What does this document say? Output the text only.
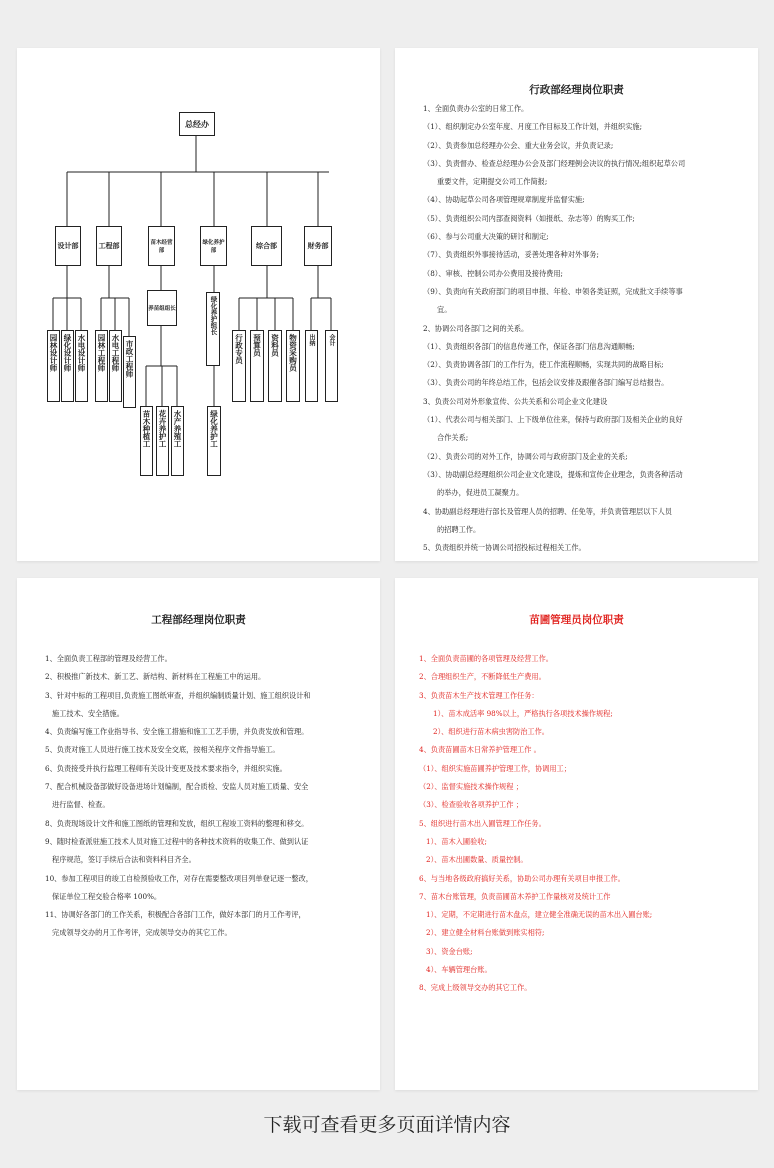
总经办
设计部	工程部	苗木经营部
绿化养护部
综合部	财务部
养苗组组长	绿化养护组长
园林设计师 绿化设计师 水电设计师 园林工程师 水电工程师 市政工程师
苗木种植工 花卉养护工 水产养殖工	绿化养护工
行政专员	预算员	资料员	物资采购员	出纳	会计
行政部经理岗位职责
1、全面负责办公室的日常工作。
（1）、组织制定办公室年度、月度工作目标及工作计划，并组织实施;
（2）、负责参加总经理办公会、重大业务会议，并负责记录;
（3）、负责督办、检查总经理办公会及部门经理例会决议的执行情况;组织起草公司
重要文件，定期提交公司工作简报;
（4）、协助起草公司各项管理规章制度并监督实施;
（5）、负责组织公司内部查阅资料（如报纸、杂志等）的购买工作;
（6）、参与公司重大决策的研讨和制定;
（7）、负责组织外事接待活动，妥善处理各种对外事务;
（8）、审核、控制公司办公费用及接待费用;
（9）、负责向有关政府部门的项目申报、年检、申领各类证照，完成批文手续等事
宜。
2、协调公司各部门之间的关系。
（1）、负责组织各部门的信息传递工作，保证各部门信息沟通顺畅;
（2）、负责协调各部门的工作行为，使工作流程顺畅，实现共同的战略目标;
（3）、负责公司的年终总结工作，包括会议安排及跟催各部门编写总结报告。
3、负责公司对外形象宣传、公共关系和公司企业文化建设
（1）、代表公司与相关部门、上下级单位往来，保持与政府部门及相关企业的良好
合作关系;
（2）、负责公司的对外工作，协调公司与政府部门及企业的关系;
（3）、协助副总经理组织公司企业文化建设，提炼和宣传企业理念，负责各种活动
的举办，促进员工凝聚力。
4、协助副总经理进行部长及管理人员的招聘、任免等，并负责管理层以下人员
的招聘工作。
5、负责组织并统一协调公司招投标过程相关工作。
工程部经理岗位职责
1、全面负责工程部的管理及经营工作。
2、积极推广新技术、新工艺、新结构、新材料在工程施工中的运用。
3、针对中标的工程项目,负责施工图纸审查，并组织编制质量计划、施工组织设计和
施工技术、安全措施。
4、负责编写施工作业指导书、安全施工措施和施工工艺手册，并负责发放和管理。
5、负责对施工人员进行施工技术及安全交底，按相关程序文件指导施工。
6、负责接受并执行监理工程师有关设计变更及技术要求指令，并组织实施。
7、配合机械设备部做好设备进场计划编制，配合质检、安监人员对施工质量、安全
进行监督、检查。
8、负责现场设计文件和施工图纸的管理和发放，组织工程竣工资料的整理和移交。
9、随时检查派驻施工技术人员对施工过程中的各种技术资料的收集工作、做到认证
程序规范，签订手续后合法和资料科目齐全。
10、参加工程项目的竣工自检预验收工作，对存在需要整改项目列单登记逐一整改，
保证单位工程交验合格率 100%。
11、协调好各部门的工作关系，积极配合各部门工作，做好本部门的月工作考评，
完成领导交办的月工作考评，完成领导交办的其它工作。
苗圃管理员岗位职责
1、全面负责苗圃的各项管理及经营工作。
2、合理组织生产，不断降低生产费用。
3、负责苗木生产技术管理工作任务：
1）、苗木成活率 98%以上，严格执行各项技术操作规程;
2）、组织进行苗木病虫害防治工作。
4、负责苗圃苗木日常养护管理工作 。
（1）、组织实施苗圃养护管理工作，协调用工；
（2）、监督实施技术操作规程 ；
（3）、检查验收各项养护工作 ；
5、组织进行苗木出入圃管理工作任务。
1）、苗木入圃验收;
2）、苗木出圃数量、质量控制。
6、与当地各级政府搞好关系，协助公司办理有关项目申报工作。
7、苗木台账管理，负责苗圃苗木养护工作量核对及统计工作
1）、定期，不定期进行苗木盘点，建立健全准确无误的苗木出入圃台账;
2）、建立健全材料台账做到账实相符;
3）、资金台账;
4）、车辆管理台账。
8、完成上级领导交办的其它工作。
下载可查看更多页面详情内容
